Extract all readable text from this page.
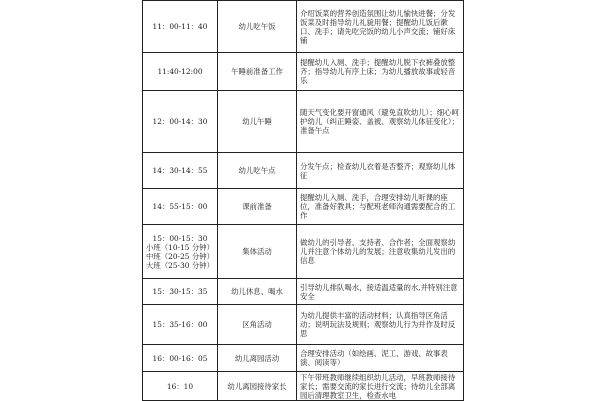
11：00-11：40	幼儿吃午饭	介绍饭菜的营养创造氛围让幼儿愉快进餐；分发饭菜及时指导幼儿礼貌用餐；提醒幼儿饭后漱口、洗手；请先吃完饭的幼儿小声交流；铺好床铺
11:40-12:00	午睡前准备工作	提醒幼儿入厕、洗手；提醒幼儿脱下衣裤叠放整齐；指导幼儿有序上床；为幼儿播放故事或轻音乐
12：00-14：30	幼儿午睡	随天气变化要开窗通风（避免直吹幼儿）；细心呵护幼儿（纠正睡姿、盖被、观察幼儿体征变化）；准备午点
14：30-14：55	幼儿吃午点	分发午点；检查幼儿衣着是否整齐；观察幼儿体征
14：55-15：00	课前准备	提醒幼儿入厕、洗手，合理安排幼儿听课的座位，准备好教具；与配班老师沟通需要配合的工作

15：00-15：30
小班（10-15 分钟）
中班（20-25 分钟）
大班（25-30 分钟）	集体活动	做幼儿的引导者、支持者、合作者；全面观察幼儿并注意个体幼儿的发展；注意收集幼儿发出的信息
15：30-15：35	幼儿休息、喝水	引导幼儿排队喝水，接适温适量的水,并特别注意安全
15：35-16：00	区角活动	为幼儿提供丰富的活动材料；认真指导区角活动；说明玩法及规则；观察幼儿行为并作及时反思
16：00-16：05	幼儿离园活动	合理安排活动（如绘画、泥工、游戏、故事表演、阅读等）
16：10	幼儿离园接待家长	下午带班教师继续组织幼儿活动，早班教师接待家长；需要交流的家长进行交流；待幼儿全部离园后清理教室卫生，检查水电
